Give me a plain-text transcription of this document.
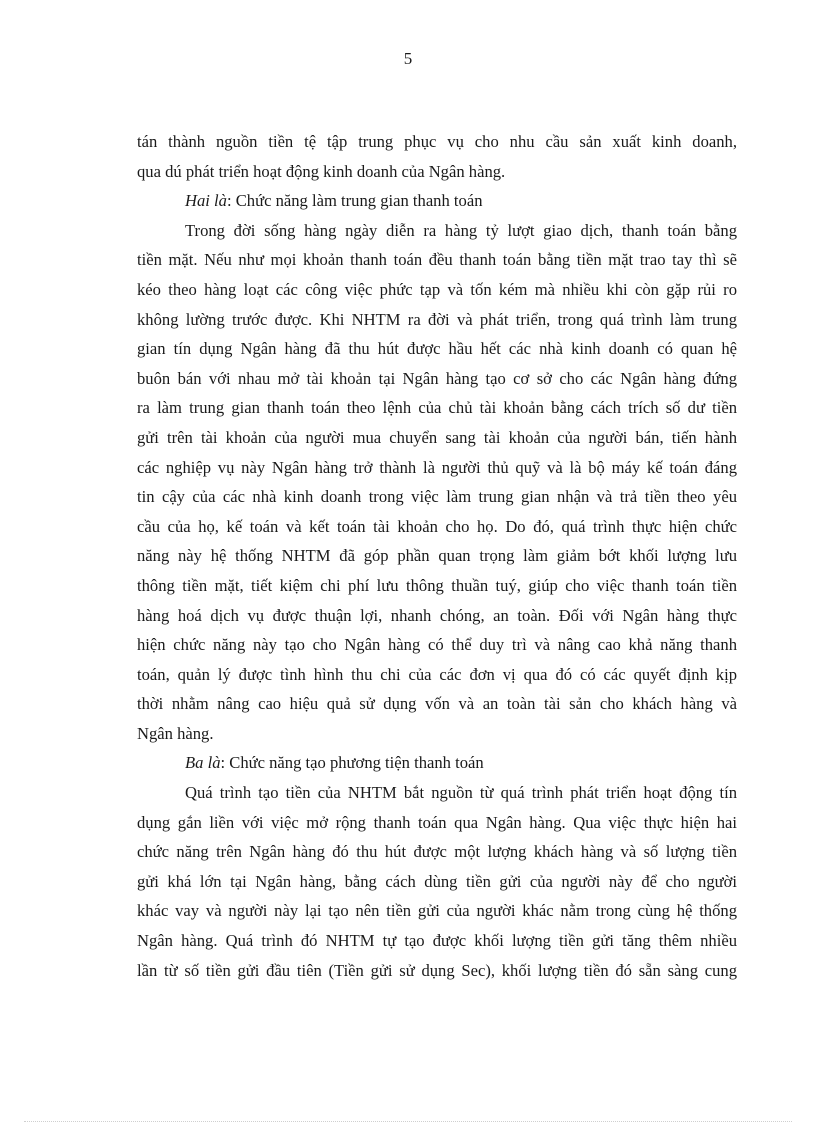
5
tán thành nguồn tiền tệ tập trung phục vụ cho nhu cầu sản xuất kinh doanh,
qua dú phát triển hoạt động kinh doanh của Ngân hàng.
Hai là: Chức năng làm trung gian thanh toán
Trong đời sống hàng ngày diễn ra hàng tỷ lượt giao dịch, thanh toán bằng
tiền mặt. Nếu như mọi khoản thanh toán đều thanh toán bằng tiền mặt trao tay thì sẽ
kéo theo hàng loạt các công việc phức tạp và tốn kém mà nhiều khi còn gặp rủi ro
không lường trước được. Khi NHTM ra đời và phát triển, trong quá trình làm trung
gian tín dụng Ngân hàng đã thu hút được hầu hết các nhà kinh doanh có quan hệ
buôn bán với nhau mở tài khoản tại Ngân hàng tạo cơ sở cho các Ngân hàng đứng
ra làm trung gian thanh toán theo lệnh của chủ tài khoản bằng cách trích số dư tiền
gửi trên tài khoản của người mua chuyển sang tài khoản của người bán, tiến hành
các nghiệp vụ này Ngân hàng trở thành là người thủ quỹ và là bộ máy kế toán đáng
tin cậy của các nhà kinh doanh trong việc làm trung gian nhận và trả tiền theo yêu
cầu của họ, kế toán và kết toán tài khoản cho họ. Do đó, quá trình thực hiện chức
năng này hệ thống NHTM đã góp phần quan trọng làm giảm bớt khối lượng lưu
thông tiền mặt, tiết kiệm chi phí lưu thông thuần tuý, giúp cho việc thanh toán tiền
hàng hoá dịch vụ được thuận lợi, nhanh chóng, an toàn. Đối với Ngân hàng thực
hiện chức năng này tạo cho Ngân hàng có thể duy trì và nâng cao khả năng thanh
toán, quản lý được tình hình thu chi của các đơn vị qua đó có các quyết định kịp
thời nhằm nâng cao hiệu quả sử dụng vốn và an toàn tài sản cho khách hàng và
Ngân hàng.
Ba là: Chức năng tạo phương tiện thanh toán
Quá trình tạo tiền của NHTM bắt nguồn từ quá trình phát triển hoạt động tín
dụng gắn liền với việc mở rộng thanh toán qua Ngân hàng. Qua việc thực hiện hai
chức năng trên Ngân hàng đó thu hút được một lượng khách hàng và số lượng tiền
gửi khá lớn tại Ngân hàng, bằng cách dùng tiền gửi của người này để cho người
khác vay và người này lại tạo nên tiền gửi của người khác nằm trong cùng hệ thống
Ngân hàng. Quá trình đó NHTM tự tạo được khối lượng tiền gửi tăng thêm nhiều
lần từ số tiền gửi đầu tiên (Tiền gửi sử dụng Sec), khối lượng tiền đó sẵn sàng cung
